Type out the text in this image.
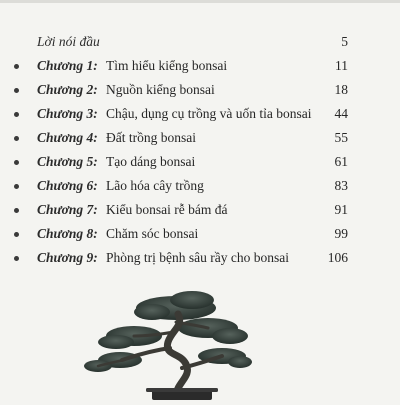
Lời nói đầu	5
Chương 1: Tìm hiểu kiểng bonsai	11
Chương 2: Nguồn kiểng bonsai	18
Chương 3: Chậu, dụng cụ trồng và uốn tỉa bonsai 44
Chương 4: Đất trồng bonsai	55
Chương 5: Tạo dáng bonsai	61
Chương 6: Lão hóa cây trồng	83
Chương 7: Kiểu bonsai rễ bám đá	91
Chương 8: Chăm sóc bonsai	99
Chương 9: Phòng trị bệnh sâu rầy cho bonsai	106
